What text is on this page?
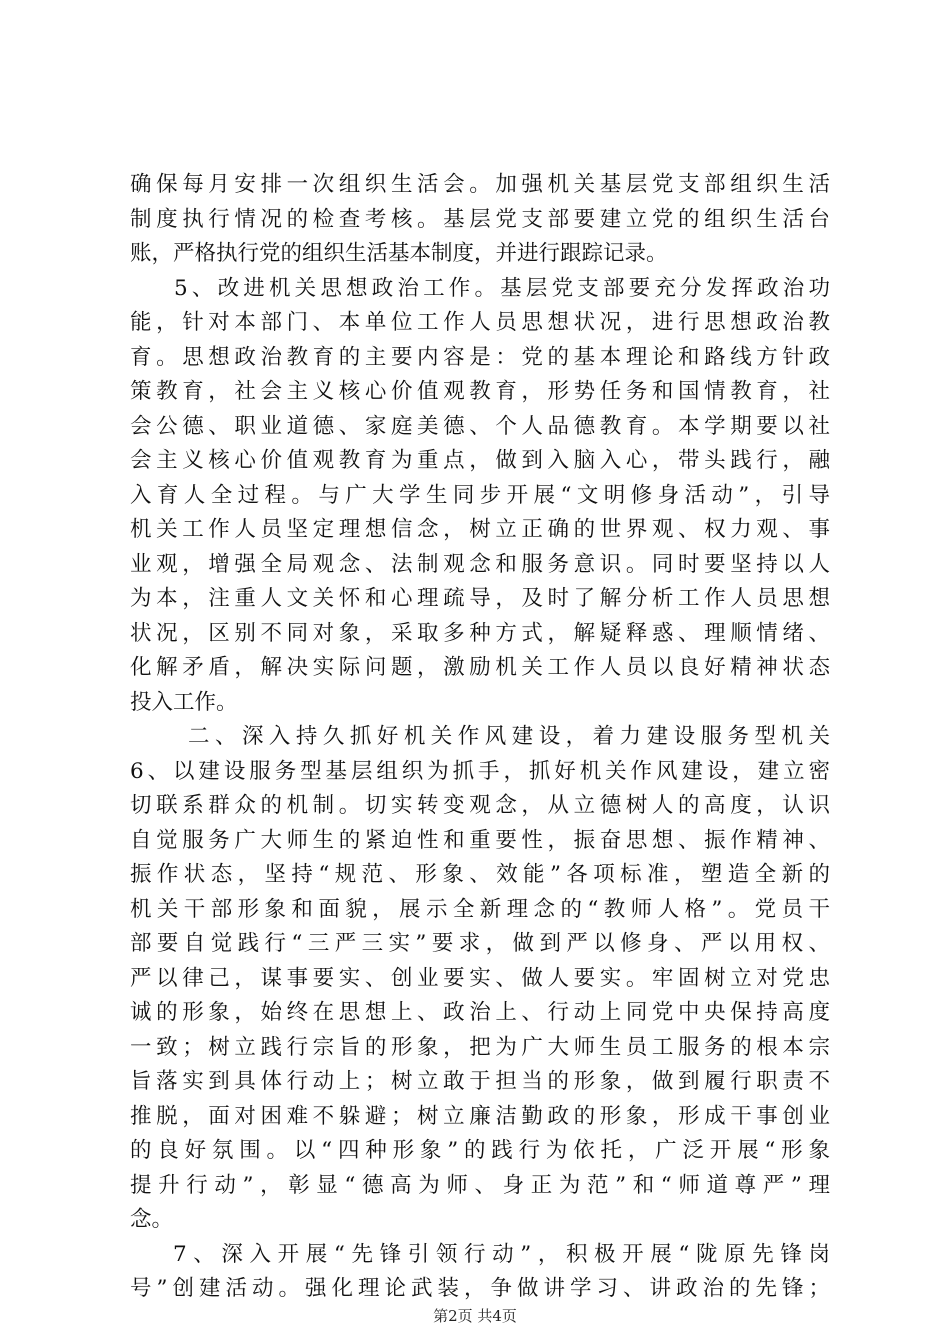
确保每月安排一次组织生活会。加强机关基层党支部组织生活
制度执行情况的检查考核。基层党支部要建立党的组织生活台
账，严格执行党的组织生活基本制度，并进行跟踪记录。
5、改进机关思想政治工作。基层党支部要充分发挥政治功
能，针对本部门、本单位工作人员思想状况，进行思想政治教
育。思想政治教育的主要内容是：党的基本理论和路线方针政
策教育，社会主义核心价值观教育，形势任务和国情教育，社
会公德、职业道德、家庭美德、个人品德教育。本学期要以社
会主义核心价值观教育为重点，做到入脑入心，带头践行，融
入育人全过程。与广大学生同步开展“文明修身活动”，引导
机关工作人员坚定理想信念，树立正确的世界观、权力观、事
业观，增强全局观念、法制观念和服务意识。同时要坚持以人
为本，注重人文关怀和心理疏导，及时了解分析工作人员思想
状况，区别不同对象，采取多种方式，解疑释惑、理顺情绪、
化解矛盾，解决实际问题，激励机关工作人员以良好精神状态
投入工作。
二、深入持久抓好机关作风建设，着力建设服务型机关
6、以建设服务型基层组织为抓手，抓好机关作风建设，建立密
切联系群众的机制。切实转变观念，从立德树人的高度，认识
自觉服务广大师生的紧迫性和重要性，振奋思想、振作精神、
振作状态，坚持“规范、形象、效能”各项标准，塑造全新的
机关干部形象和面貌，展示全新理念的“教师人格”。党员干
部要自觉践行“三严三实”要求，做到严以修身、严以用权、
严以律己，谋事要实、创业要实、做人要实。牢固树立对党忠
诚的形象，始终在思想上、政治上、行动上同党中央保持高度
一致；树立践行宗旨的形象，把为广大师生员工服务的根本宗
旨落实到具体行动上；树立敢于担当的形象，做到履行职责不
推脱，面对困难不躲避；树立廉洁勤政的形象，形成干事创业
的良好氛围。以“四种形象”的践行为依托，广泛开展“形象
提升行动”，彰显“德高为师、身正为范”和“师道尊严”理
念。
7、深入开展“先锋引领行动”，积极开展“陇原先锋岗
号”创建活动。强化理论武装，争做讲学习、讲政治的先锋；
第2页 共4页
